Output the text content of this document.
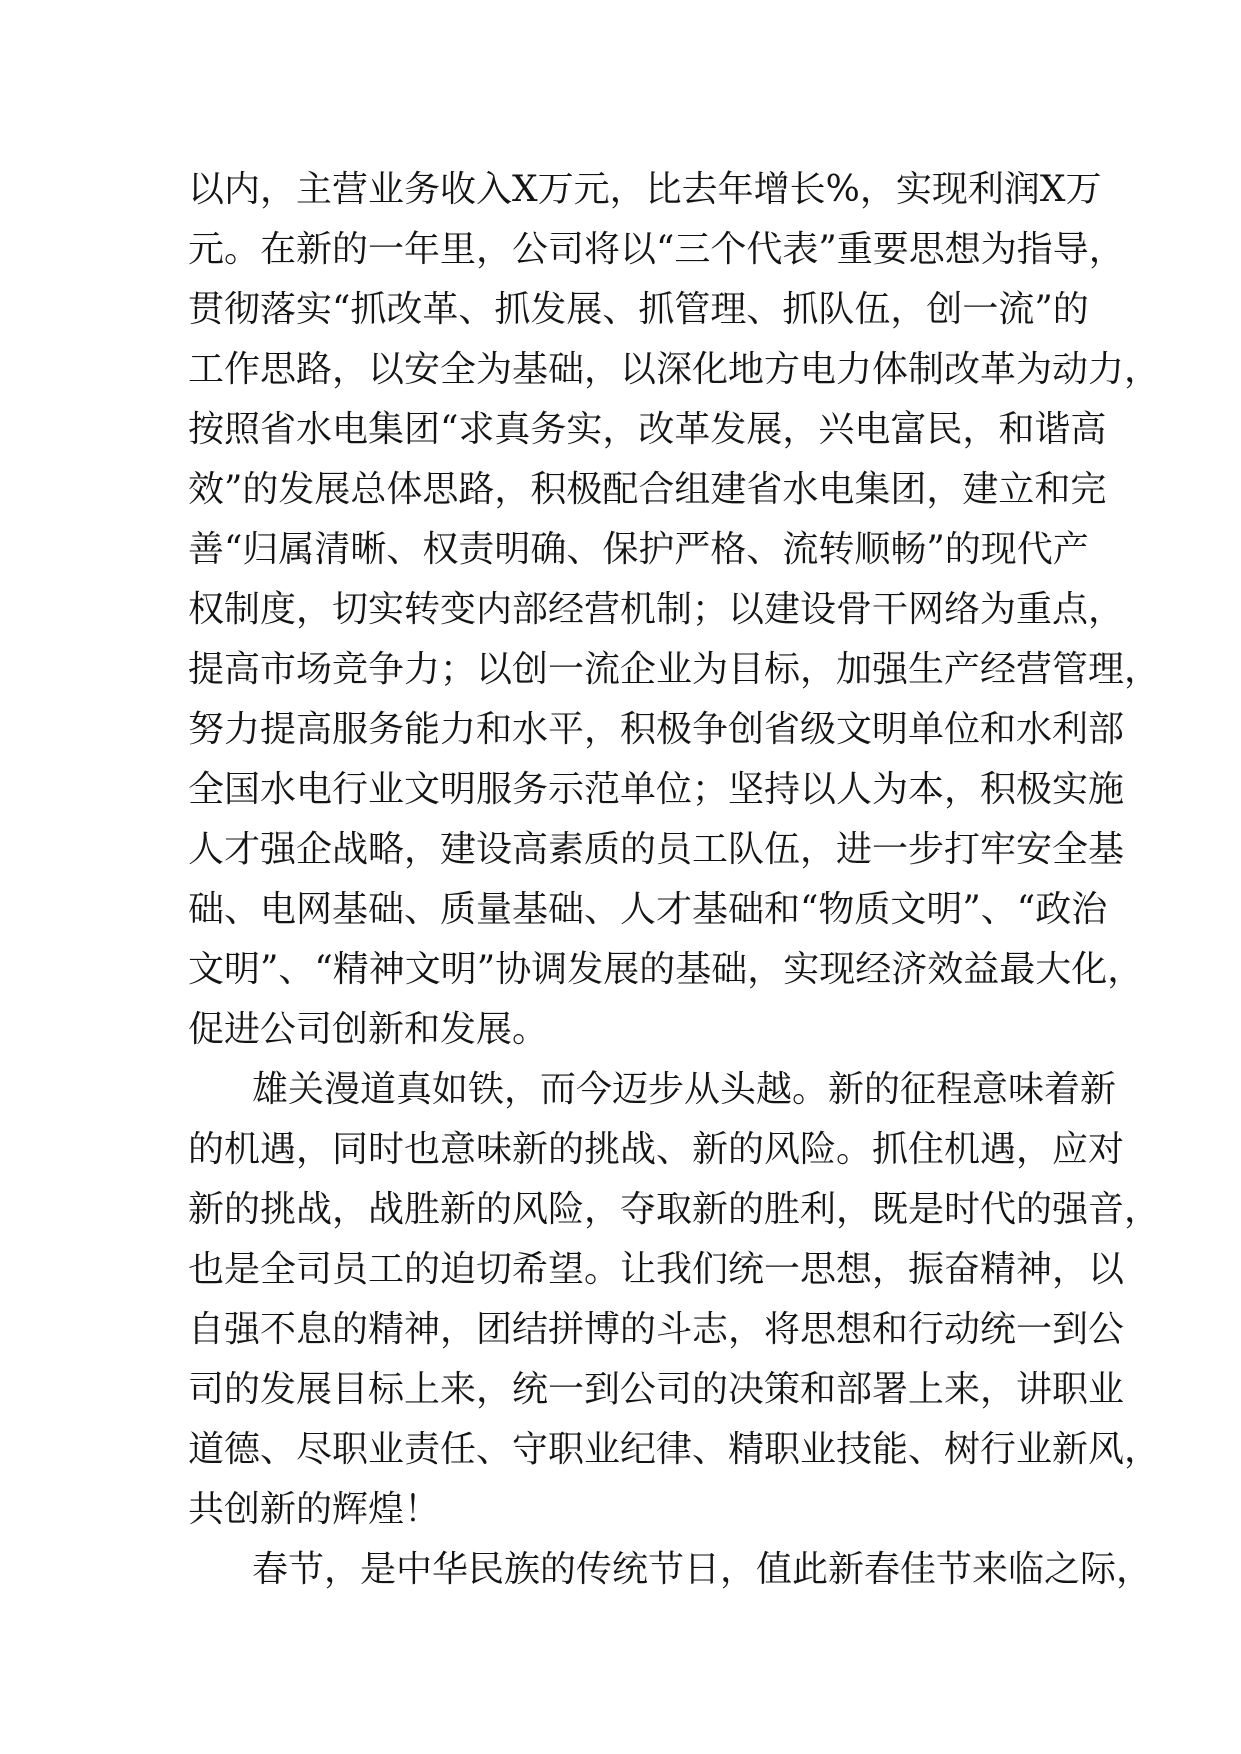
以内，主营业务收入X万元，比去年增长%，实现利润X万
元。在新的一年里，公司将以“三个代表”重要思想为指导，
贯彻落实“抓改革、抓发展、抓管理、抓队伍，创一流”的
工作思路，以安全为基础，以深化地方电力体制改革为动力，
按照省水电集团“求真务实，改革发展，兴电富民，和谐高
效”的发展总体思路，积极配合组建省水电集团，建立和完
善“归属清晰、权责明确、保护严格、流转顺畅”的现代产
权制度，切实转变内部经营机制；以建设骨干网络为重点，
提高市场竞争力；以创一流企业为目标，加强生产经营管理，
努力提高服务能力和水平，积极争创省级文明单位和水利部
全国水电行业文明服务示范单位；坚持以人为本，积极实施
人才强企战略，建设高素质的员工队伍，进一步打牢安全基
础、电网基础、质量基础、人才基础和“物质文明”、“政治
文明”、“精神文明”协调发展的基础，实现经济效益最大化，
促进公司创新和发展。
雄关漫道真如铁，而今迈步从头越。新的征程意味着新
的机遇，同时也意味新的挑战、新的风险。抓住机遇，应对
新的挑战，战胜新的风险，夺取新的胜利，既是时代的强音，
也是全司员工的迫切希望。让我们统一思想，振奋精神，以
自强不息的精神，团结拼博的斗志，将思想和行动统一到公
司的发展目标上来，统一到公司的决策和部署上来，讲职业
道德、尽职业责任、守职业纪律、精职业技能、树行业新风，
共创新的辉煌！
春节，是中华民族的传统节日，值此新春佳节来临之际，
